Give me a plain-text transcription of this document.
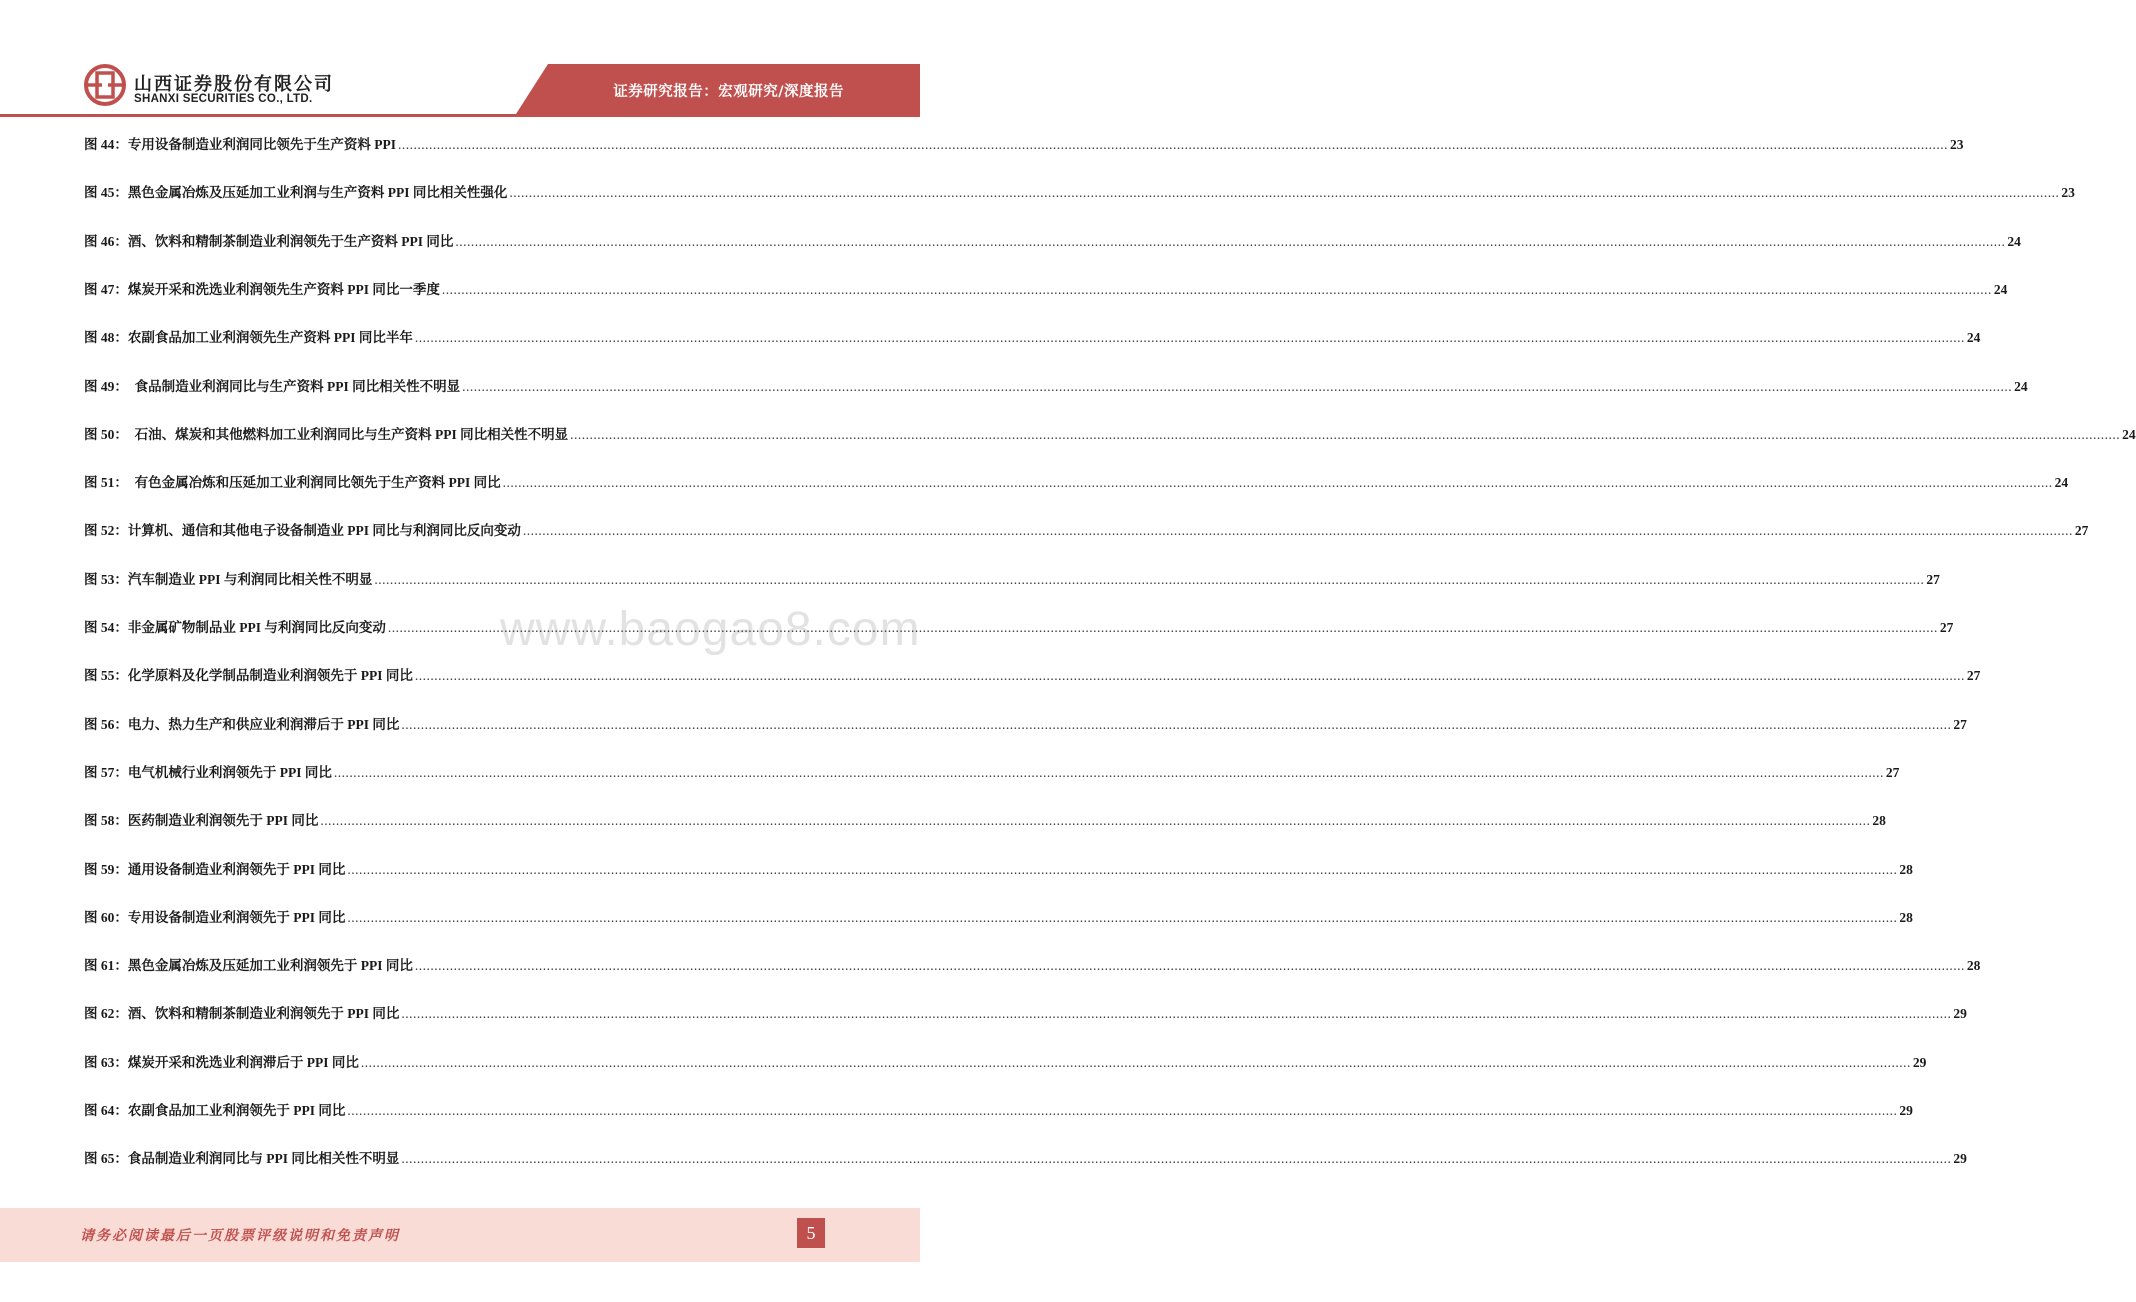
山西证券股份有限公司
SHANXI SECURITIES CO., LTD.	证券研究报告：宏观研究/深度报告
www.baogao8.com
图 44： 专用设备制造业利润同比领先于生产资料 PPI ................................................................................................................................................................................................................................................................................................................................................................................................................ 23
图 45： 黑色金属冶炼及压延加工业利润与生产资料 PPI 同比相关性强化 ................................................................................................................................................................................................................................................................................................................................................................................................................ 23
图 46： 酒、饮料和精制茶制造业利润领先于生产资料 PPI 同比 ................................................................................................................................................................................................................................................................................................................................................................................................................ 24
图 47： 煤炭开采和洗选业利润领先生产资料 PPI 同比一季度 ................................................................................................................................................................................................................................................................................................................................................................................................................ 24
图 48： 农副食品加工业利润领先生产资料 PPI 同比半年 ................................................................................................................................................................................................................................................................................................................................................................................................................ 24
图 49： 食品制造业利润同比与生产资料 PPI 同比相关性不明显 ................................................................................................................................................................................................................................................................................................................................................................................................................ 24
图 50： 石油、煤炭和其他燃料加工业利润同比与生产资料 PPI 同比相关性不明显 ................................................................................................................................................................................................................................................................................................................................................................................................................ 24
图 51： 有色金属冶炼和压延加工业利润同比领先于生产资料 PPI 同比 ................................................................................................................................................................................................................................................................................................................................................................................................................ 24
图 52： 计算机、通信和其他电子设备制造业 PPI 同比与利润同比反向变动 ................................................................................................................................................................................................................................................................................................................................................................................................................ 27
图 53： 汽车制造业 PPI 与利润同比相关性不明显 ................................................................................................................................................................................................................................................................................................................................................................................................................ 27
图 54： 非金属矿物制品业 PPI 与利润同比反向变动 ................................................................................................................................................................................................................................................................................................................................................................................................................ 27
图 55： 化学原料及化学制品制造业利润领先于 PPI 同比 ................................................................................................................................................................................................................................................................................................................................................................................................................ 27
图 56： 电力、热力生产和供应业利润滞后于 PPI 同比 ................................................................................................................................................................................................................................................................................................................................................................................................................ 27
图 57： 电气机械行业利润领先于 PPI 同比 ................................................................................................................................................................................................................................................................................................................................................................................................................ 27
图 58： 医药制造业利润领先于 PPI 同比 ................................................................................................................................................................................................................................................................................................................................................................................................................ 28
图 59： 通用设备制造业利润领先于 PPI 同比 ................................................................................................................................................................................................................................................................................................................................................................................................................ 28
图 60： 专用设备制造业利润领先于 PPI 同比 ................................................................................................................................................................................................................................................................................................................................................................................................................ 28
图 61： 黑色金属冶炼及压延加工业利润领先于 PPI 同比 ................................................................................................................................................................................................................................................................................................................................................................................................................ 28
图 62： 酒、饮料和精制茶制造业利润领先于 PPI 同比 ................................................................................................................................................................................................................................................................................................................................................................................................................ 29
图 63： 煤炭开采和洗选业利润滞后于 PPI 同比 ................................................................................................................................................................................................................................................................................................................................................................................................................ 29
图 64： 农副食品加工业利润领先于 PPI 同比 ................................................................................................................................................................................................................................................................................................................................................................................................................ 29
图 65： 食品制造业利润同比与 PPI 同比相关性不明显 ................................................................................................................................................................................................................................................................................................................................................................................................................ 29
请务必阅读最后一页股票评级说明和免责声明	5
